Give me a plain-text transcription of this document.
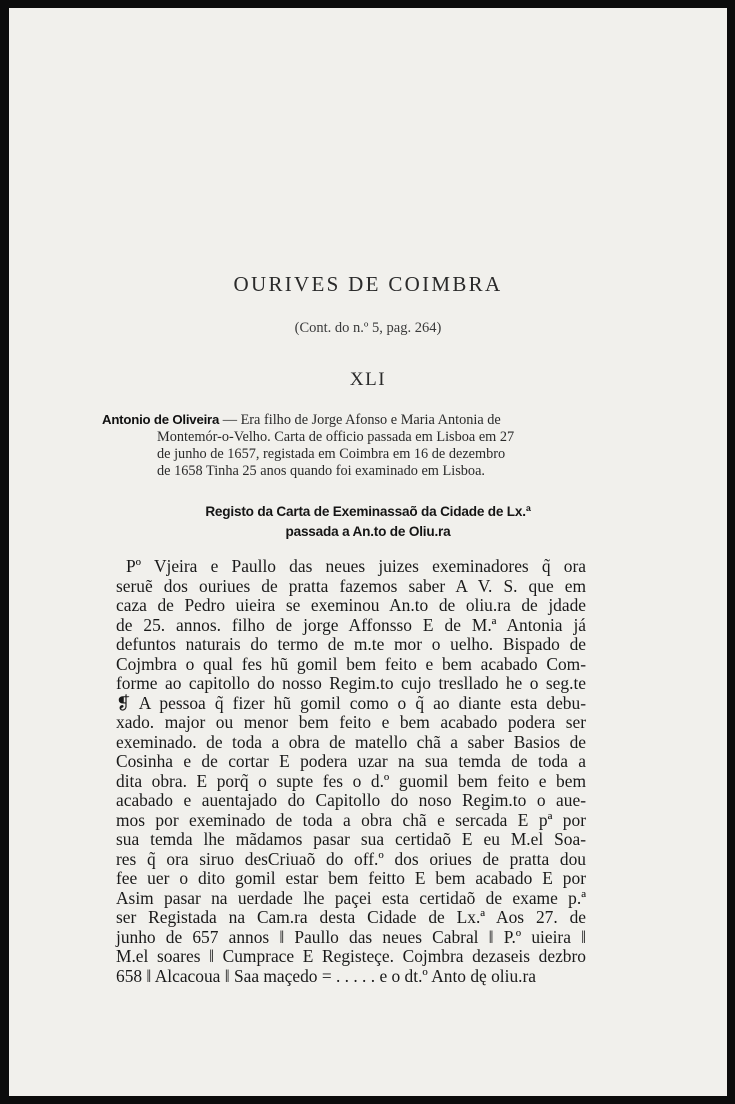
OURIVES DE COIMBRA
(Cont. do n.º 5, pag. 264)
XLI
Antonio de Oliveira — Era filho de Jorge Afonso e Maria Antonia de
Montemór-o-Velho. Carta de officio passada em Lisboa em 27
de junho de 1657, registada em Coimbra em 16 de dezembro
de 1658 Tinha 25 anos quando foi examinado em Lisboa.
Registo da Carta de Exeminassaõ da Cidade de Lx.ª
passada a An.to de Oliu.ra
Pº Vjeira e Paullo das neues juizes exeminadores q̃ ora
seruẽ dos ouriues de pratta fazemos saber A V. S. que em
caza de Pedro uieira se exeminou An.to de oliu.ra de jdade
de 25. annos. filho de jorge Affonsso E de M.ª Antonia já
defuntos naturais do termo de m.te mor o uelho. Bispado de
Cojmbra o qual fes hũ gomil bem feito e bem acabado Com-
forme ao capitollo do nosso Regim.to cujo tresllado he o seg.te
❡ A pessoa q̃ fizer hũ gomil como o q̃ ao diante esta debu-
xado. major ou menor bem feito e bem acabado podera ser
exeminado. de toda a obra de matello chã a saber Basios de
Cosinha e de cortar E podera uzar na sua temda de toda a
dita obra. E porq̃ o supte fes o d.º guomil bem feito e bem
acabado e auentajado do Capitollo do noso Regim.to o aue-
mos por exeminado de toda a obra chã e sercada E pª por
sua temda lhe mãdamos pasar sua certidaõ E eu M.el Soa-
res q̃ ora siruo desCriuaõ do off.º dos oriues de pratta dou
fee uer o dito gomil estar bem feitto E bem acabado E por
Asim pasar na uerdade lhe paçei esta certidaõ de exame p.ª
ser Registada na Cam.ra desta Cidade de Lx.ª Aos 27. de
junho de 657 annos ‖ Paullo das neues Cabral ‖ P.º uieira ‖
M.el soares ‖ Cumprace E Registeçe. Cojmbra dezaseis dezbro
658 ‖ Alcacoua ‖ Saa maçedo = . . . . . e o dt.º Anto dę oliu.ra
